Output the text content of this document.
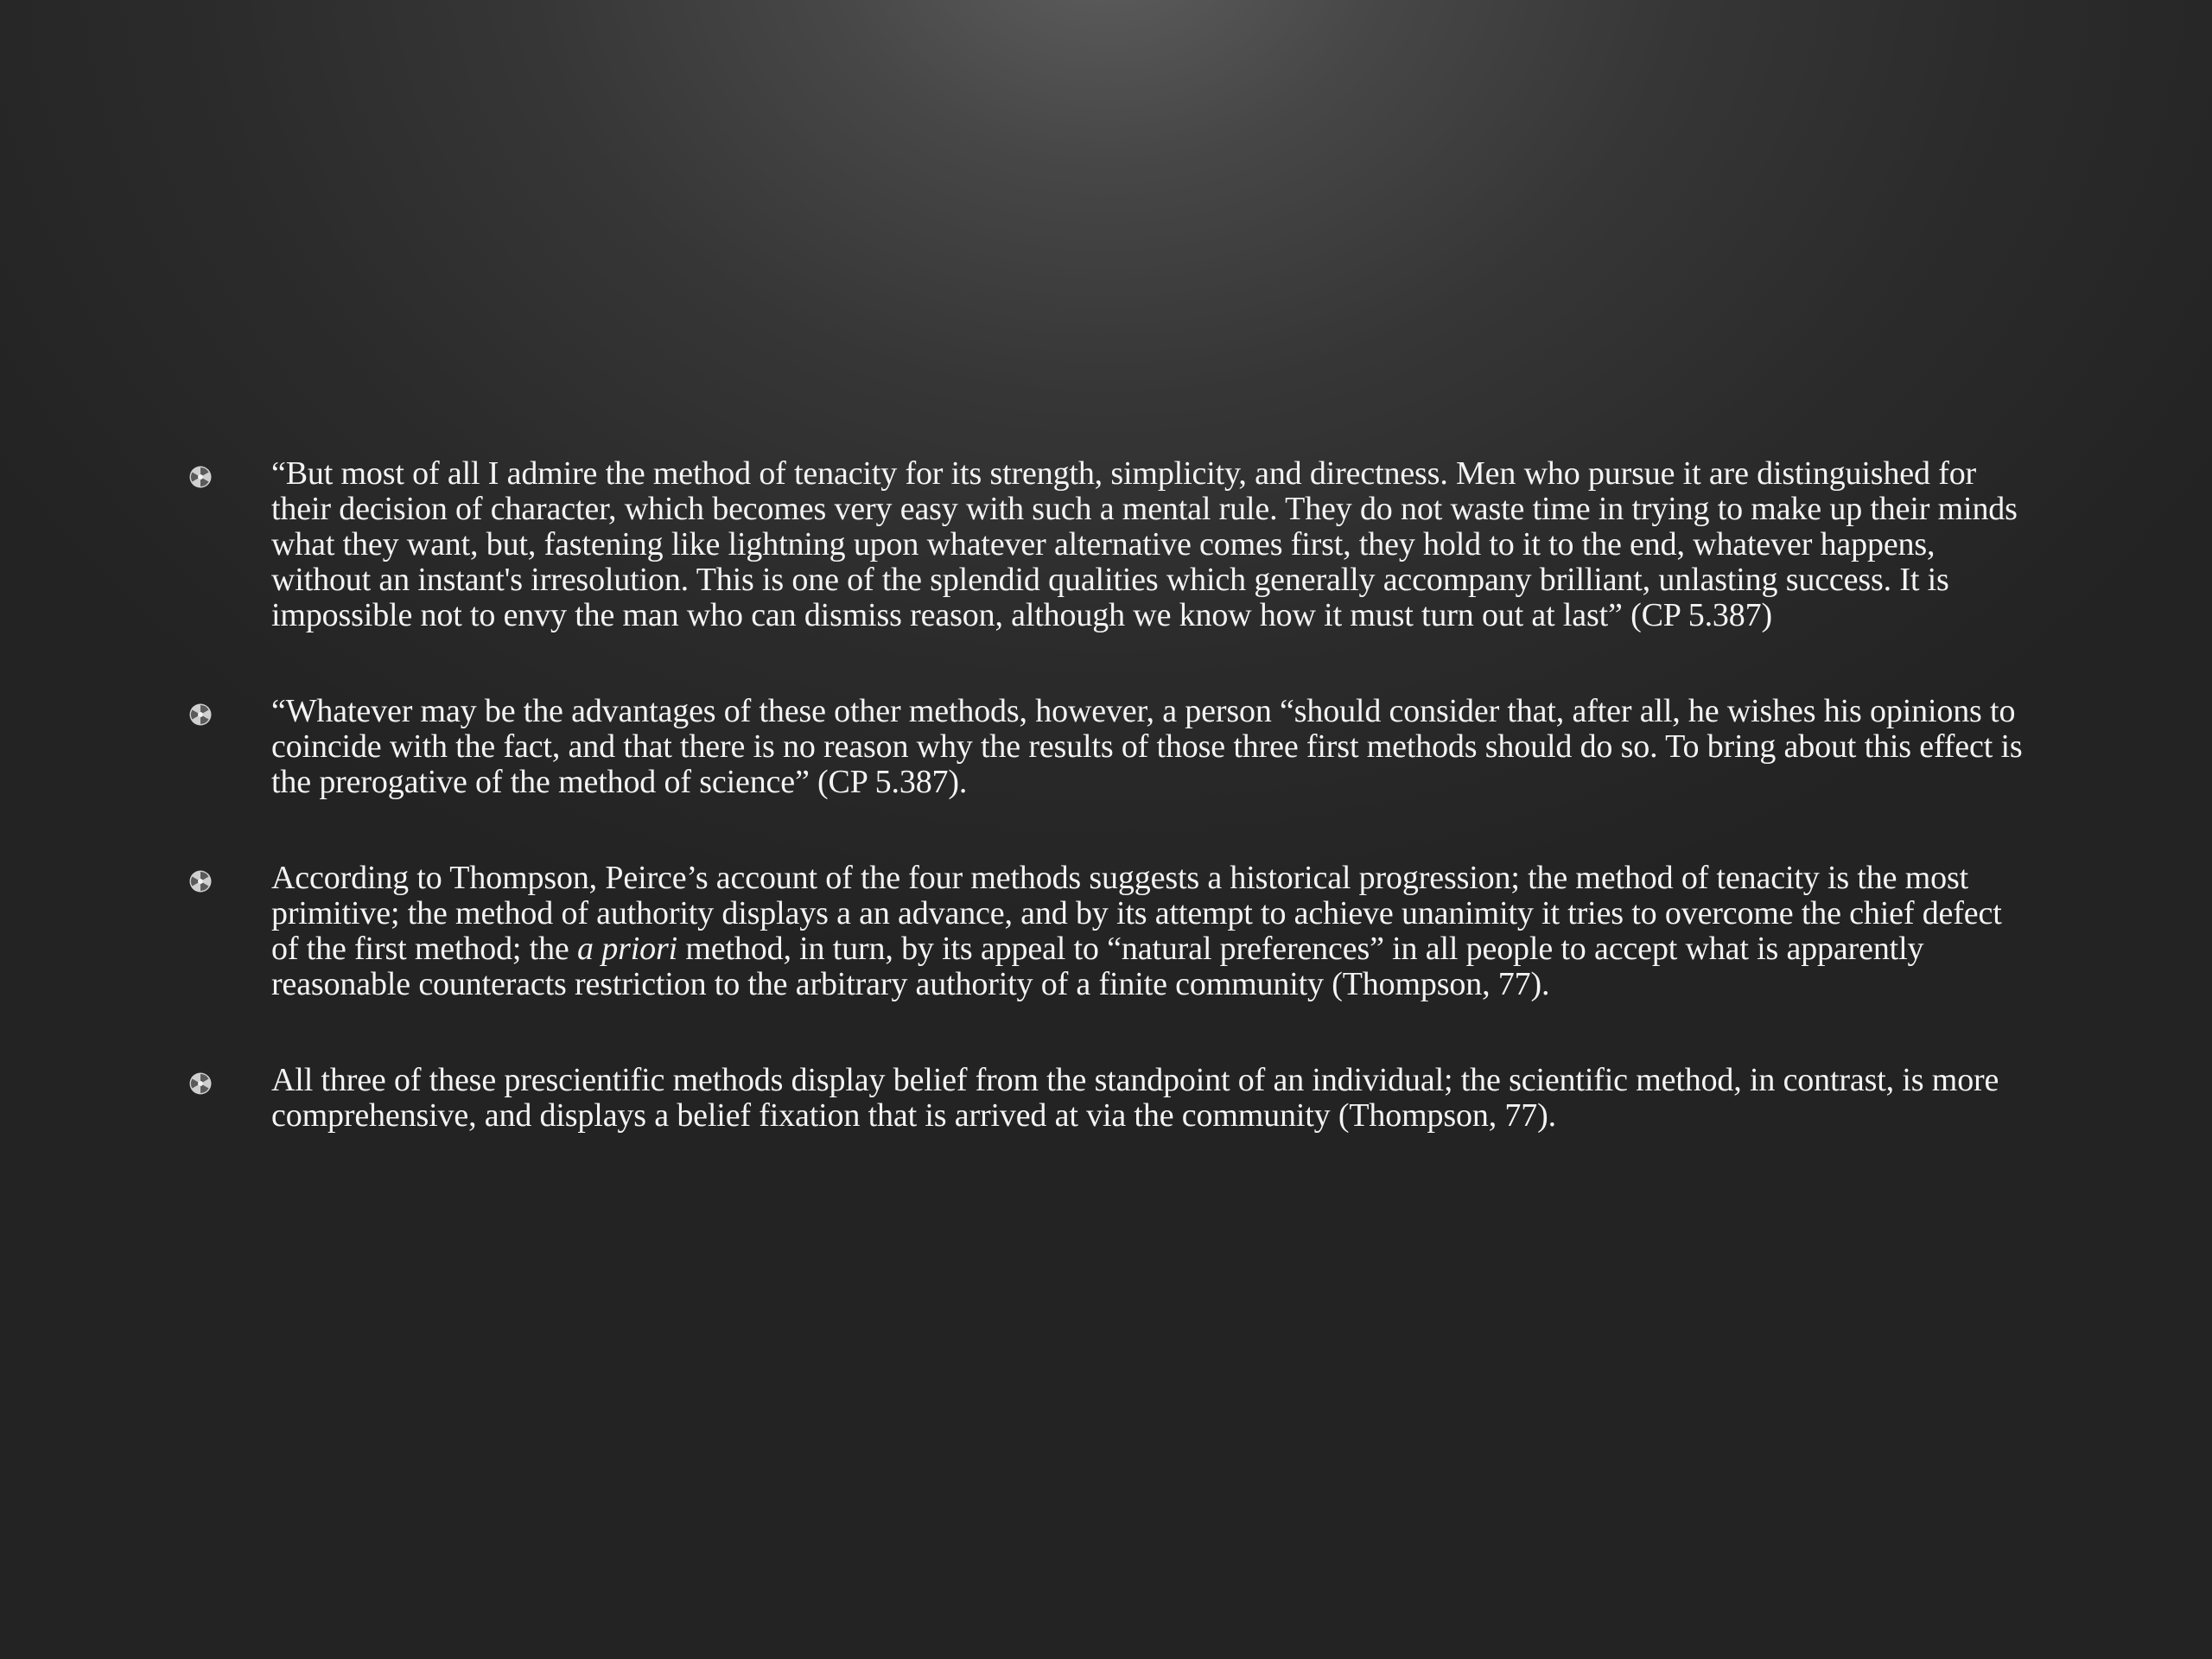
“But most of all I admire the method of tenacity for its strength, simplicity, and directness. Men who pursue it are distinguished for their decision of character, which becomes very easy with such a mental rule. They do not waste time in trying to make up their minds what they want, but, fastening like lightning upon whatever alternative comes first, they hold to it to the end, whatever happens, without an instant's irresolution. This is one of the splendid qualities which generally accompany brilliant, unlasting success. It is impossible not to envy the man who can dismiss reason, although we know how it must turn out at last” (CP 5.387)
“Whatever may be the advantages of these other methods, however, a person “should consider that, after all, he wishes his opinions to coincide with the fact, and that there is no reason why the results of those three first methods should do so. To bring about this effect is the prerogative of the method of science” (CP 5.387).
According to Thompson, Peirce’s account of the four methods suggests a historical progression; the method of tenacity is the most primitive; the method of authority displays a an advance, and by its attempt to achieve unanimity it tries to overcome the chief defect of the first method; the a priori method, in turn, by its appeal to “natural preferences” in all people to accept what is apparently reasonable counteracts restriction to the arbitrary authority of a finite community (Thompson, 77).
All three of these prescientific methods display belief from the standpoint of an individual; the scientific method, in contrast, is more comprehensive, and displays a belief fixation that is arrived at via the community (Thompson, 77).
